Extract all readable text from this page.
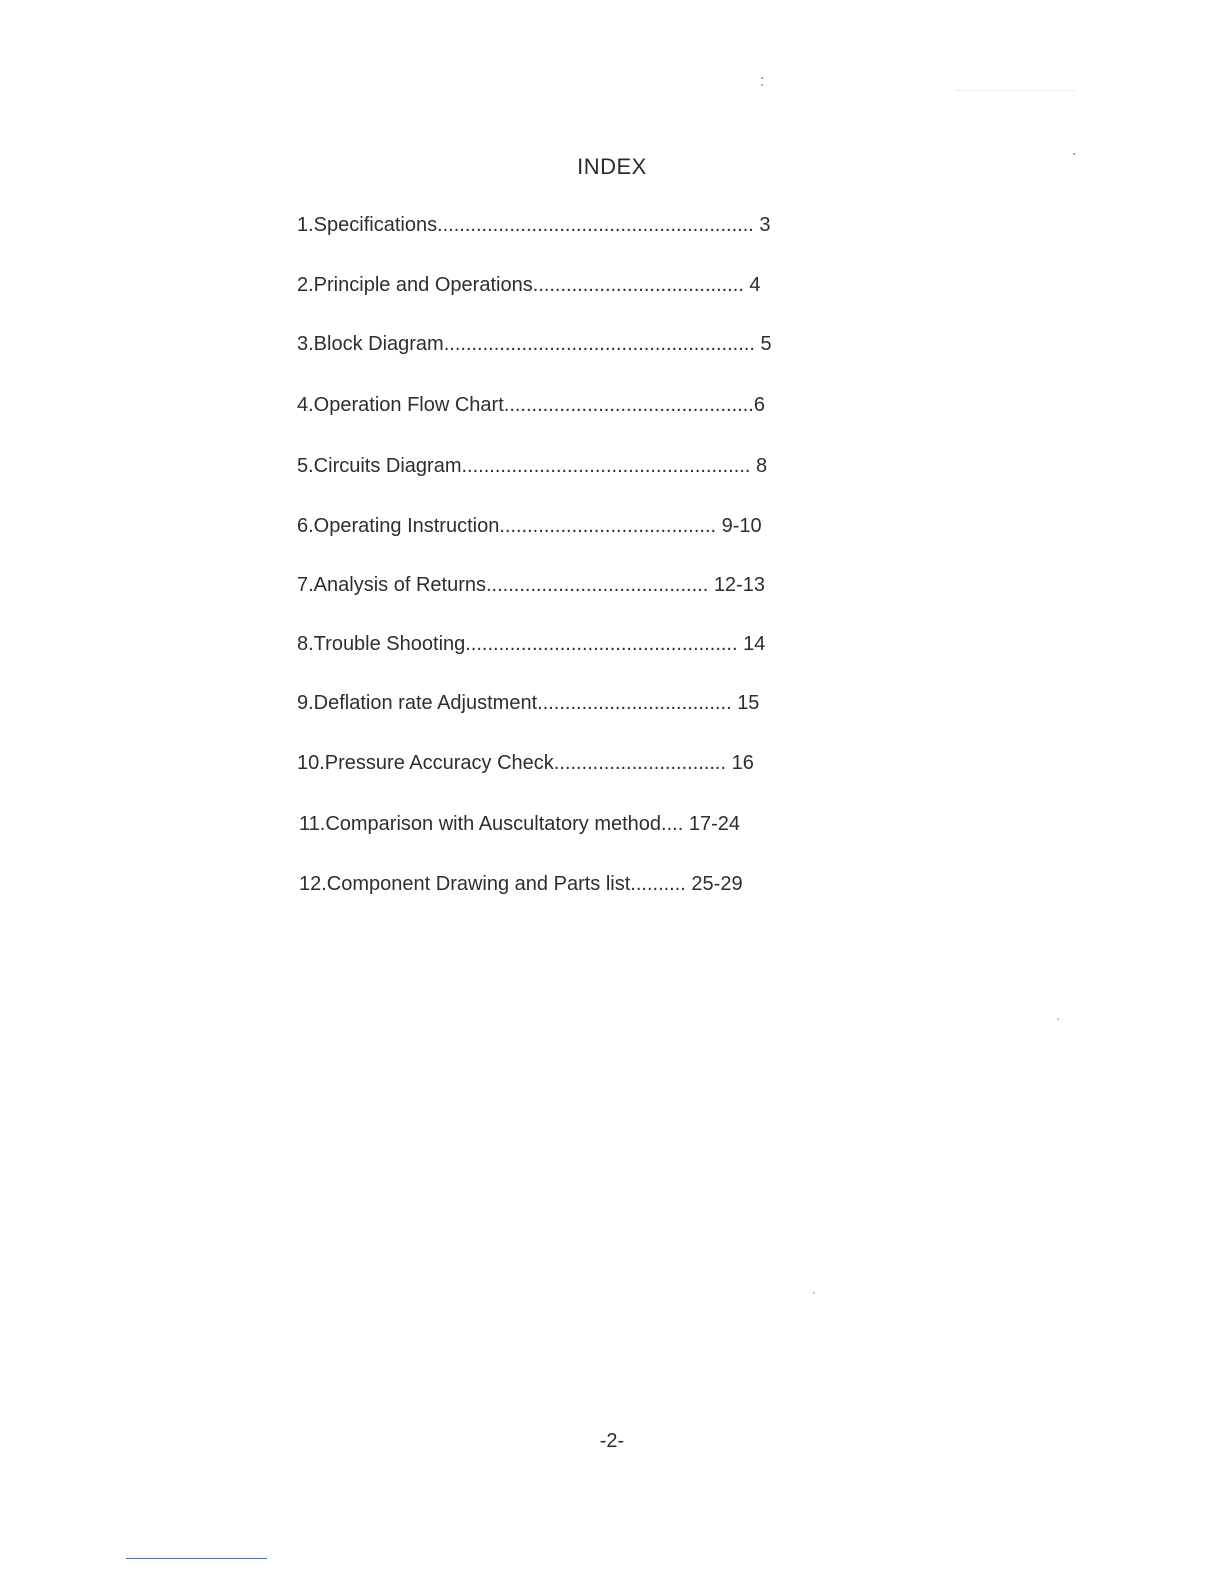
INDEX
1.Specifications......................................................... 3
2.Principle and Operations...................................... 4
3.Block Diagram........................................................ 5
4.Operation Flow Chart.............................................6
5.Circuits Diagram.................................................... 8
6.Operating Instruction....................................... 9-10
7.Analysis of Returns........................................ 12-13
8.Trouble Shooting................................................. 14
9.Deflation rate Adjustment................................... 15
10.Pressure Accuracy Check............................... 16
11.Comparison with Auscultatory method.... 17-24
12.Component Drawing and Parts list.......... 25-29
-2-
